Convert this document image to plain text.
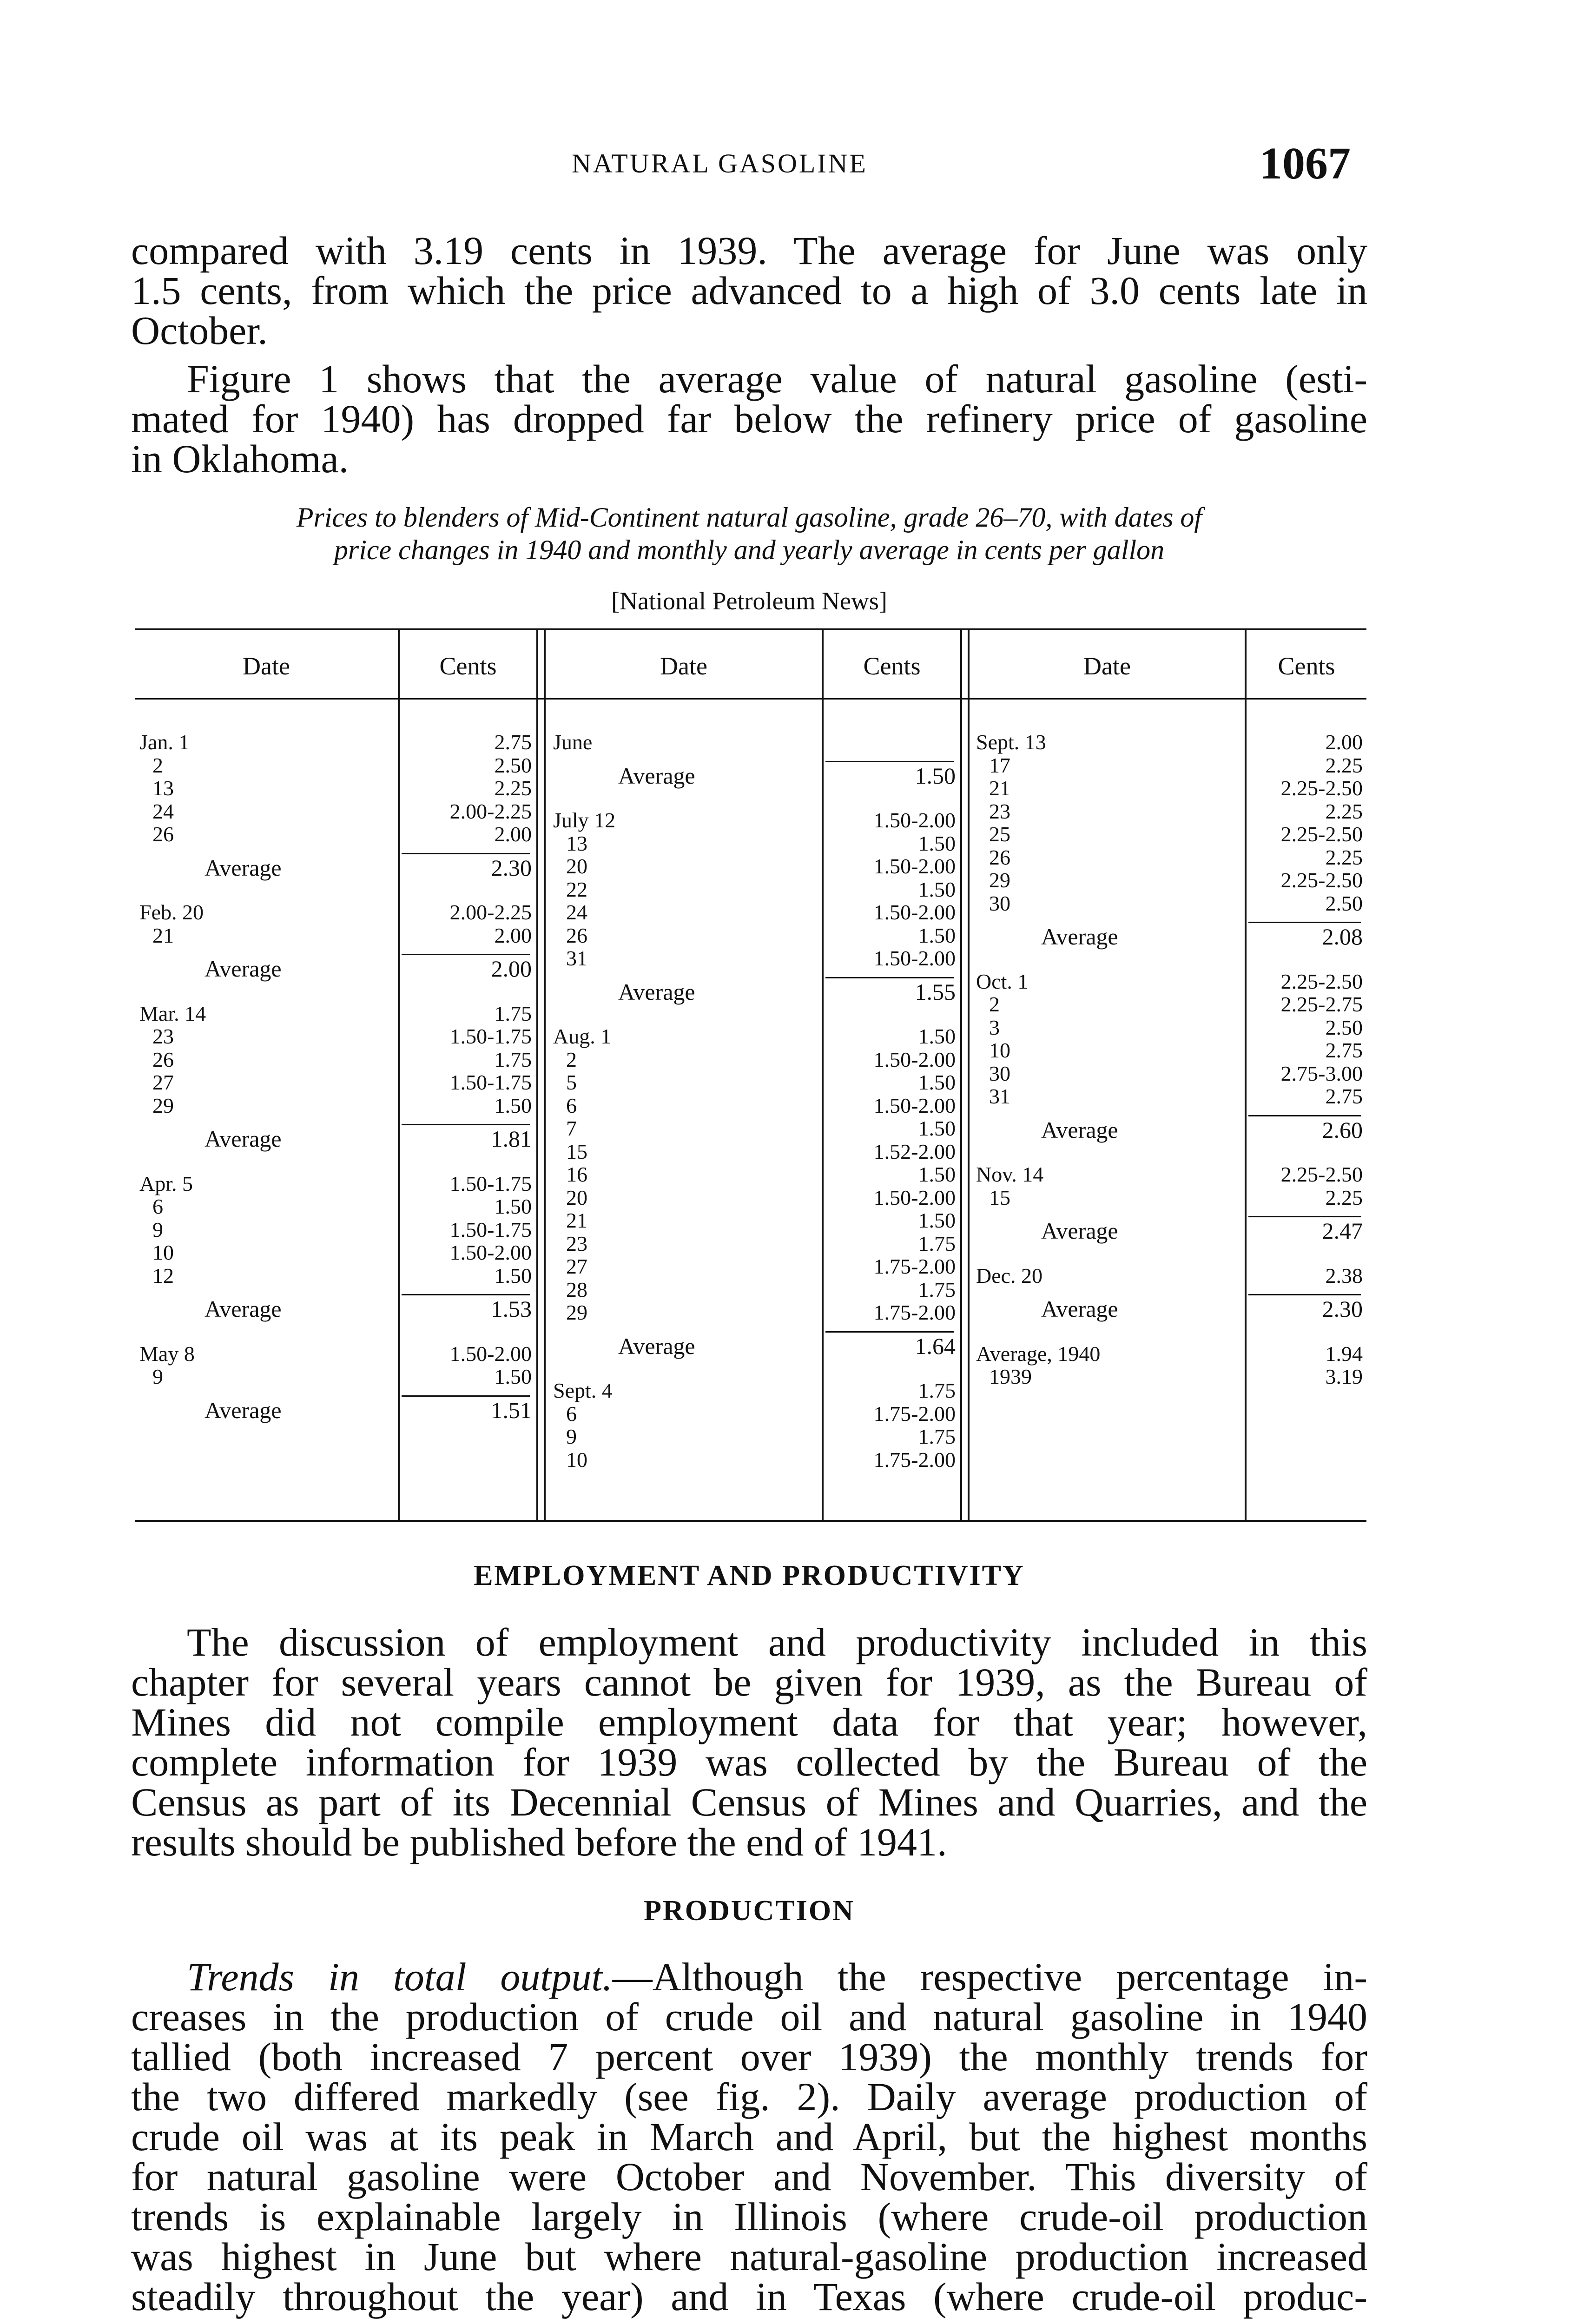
NATURAL GASOLINE	1067
compared with 3.19 cents in 1939. The average for June was only
1.5 cents, from which the price advanced to a high of 3.0 cents late in
October.
Figure 1 shows that the average value of natural gasoline (esti-
mated for 1940) has dropped far below the refinery price of gasoline
in Oklahoma.
Prices to blenders of Mid-Continent natural gasoline, grade 26–70, with dates of
price changes in 1940 and monthly and yearly average in cents per gallon
[National Petroleum News]
Date	Cents	Date	Cents	Date	Cents
Jan. 1	2.75
2	2.50
13	2.25
24	2.00-2.25
26	2.00
Average	2.30
Feb. 20	2.00-2.25
21	2.00
Average	2.00
Mar. 14	1.75
23	1.50-1.75
26	1.75
27	1.50-1.75
29	1.50
Average	1.81
Apr. 5	1.50-1.75
6	1.50
9	1.50-1.75
10	1.50-2.00
12	1.50
Average	1.53
May 8	1.50-2.00
9	1.50
Average	1.51
June
Average	1.50
July 12	1.50-2.00
13	1.50
20	1.50-2.00
22	1.50
24	1.50-2.00
26	1.50
31	1.50-2.00
Average	1.55
Aug. 1	1.50
2	1.50-2.00
5	1.50
6	1.50-2.00
7	1.50
15	1.52-2.00
16	1.50
20	1.50-2.00
21	1.50
23	1.75
27	1.75-2.00
28	1.75
29	1.75-2.00
Average	1.64
Sept. 4	1.75
6	1.75-2.00
9	1.75
10	1.75-2.00
Sept. 13	2.00
17	2.25
21	2.25-2.50
23	2.25
25	2.25-2.50
26	2.25
29	2.25-2.50
30	2.50
Average	2.08
Oct. 1	2.25-2.50
2	2.25-2.75
3	2.50
10	2.75
30	2.75-3.00
31	2.75
Average	2.60
Nov. 14	2.25-2.50
15	2.25
Average	2.47
Dec. 20	2.38
Average	2.30
Average, 1940	1.94
1939	3.19
EMPLOYMENT AND PRODUCTIVITY
The discussion of employment and productivity included in this
chapter for several years cannot be given for 1939, as the Bureau of
Mines did not compile employment data for that year; however,
complete information for 1939 was collected by the Bureau of the
Census as part of its Decennial Census of Mines and Quarries, and the
results should be published before the end of 1941.
PRODUCTION
Trends in total output.—Although the respective percentage in-
creases in the production of crude oil and natural gasoline in 1940
tallied (both increased 7 percent over 1939) the monthly trends for
the two differed markedly (see fig. 2). Daily average production of
crude oil was at its peak in March and April, but the highest months
for natural gasoline were October and November. This diversity of
trends is explainable largely in Illinois (where crude-oil production
was highest in June but where natural-gasoline production increased
steadily throughout the year) and in Texas (where crude-oil produc-
